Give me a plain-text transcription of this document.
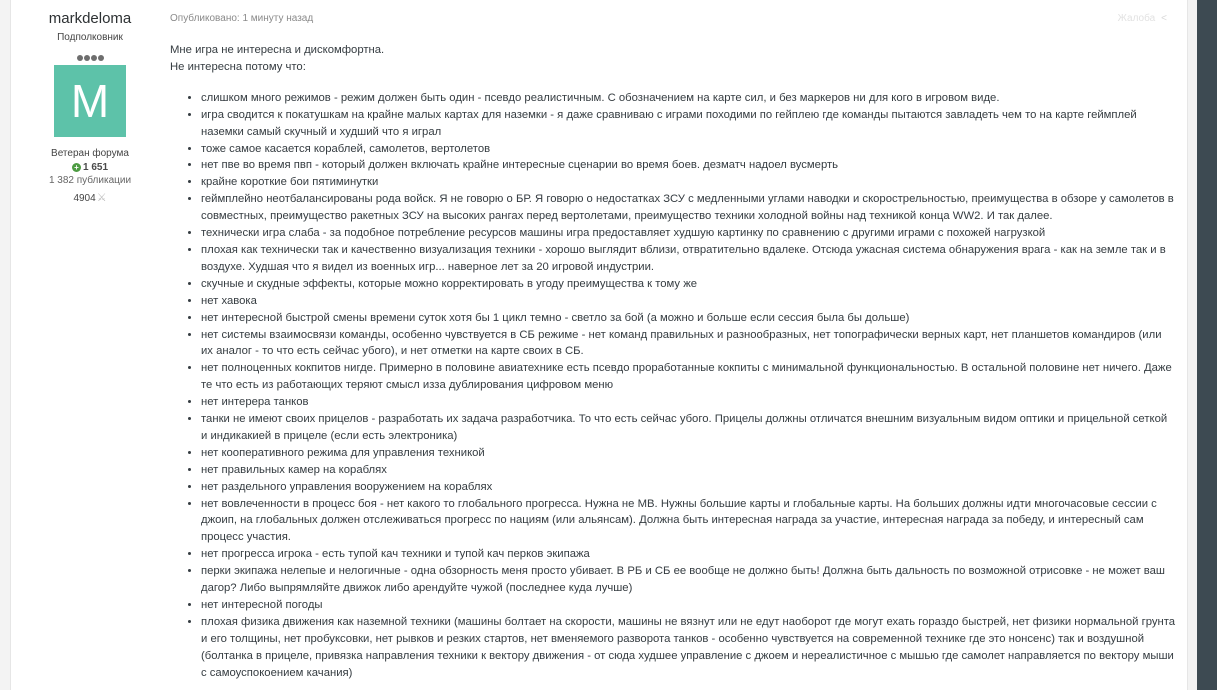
markdeloma
Подполковник
M
Ветеран форума
+ 1 651
1 382 публикации
4904⚔
Опубликовано: 1 минуту назад	Жалоба <

Мне игра не интересна и дискомфортна.

Не интересна потому что:

• слишком много режимов - режим должен быть один - псевдо реалистичным. С обозначением на карте сил, и без маркеров ни для кого в игровом виде.
• игра сводится к покатушкам на крайне малых картах для наземки - я даже сравниваю с играми походими по гейплею где команды пытаются завладеть чем то на карте геймплей наземки самый скучный и худший что я играл
• тоже самое касается кораблей, самолетов, вертолетов
• нет пве во время пвп - который должен включать крайне интересные сценарии во время боев. дезматч надоел вусмерть
• крайне короткие бои пятиминутки
• геймплейно неотбалансированы рода войск. Я не говорю о БР. Я говорю о недостатках ЗСУ с медленными углами наводки и скорострельностью, преимущества в обзоре у самолетов в совместных, преимущество ракетных ЗСУ на высоких рангах перед вертолетами, преимущество техники холодной войны над техникой конца WW2. И так далее.
• технически игра слаба - за подобное потребление ресурсов машины игра предоставляет худшую картинку по сравнению с другими играми с похожей нагрузкой
• плохая как технически так и качественно визуализация техники - хорошо выглядит вблизи, отвратительно вдалеке. Отсюда ужасная система обнаружения врага - как на земле так и в воздухе. Худшая что я видел из военных игр... наверное лет за 20 игровой индустрии.
• скучные и скудные эффекты, которые можно корректировать в угоду преимущества к тому же
• нет хавока
• нет интересной быстрой смены времени суток хотя бы 1 цикл темно - светло за бой (а можно и больше если сессия была бы дольше)
• нет системы взаимосвязи команды, особенно чувствуется в СБ режиме - нет команд правильных и разнообразных, нет топографически верных карт, нет планшетов командиров (или их аналог - то что есть сейчас убого), и нет отметки на карте своих в СБ.
• нет полноценных кокпитов нигде. Примерно в половине авиатехнике есть псевдо проработанные кокпиты с минимальной функциональностью. В остальной половине нет ничего. Даже те что есть из работающих теряют смысл изза дублирования цифровом меню
• нет интерера танков
• танки не имеют своих прицелов - разработать их задача разработчика. То что есть сейчас убого. Прицелы должны отличатся внешним визуальным видом оптики и прицельной сеткой и индикакией в прицеле (если есть электроника)
• нет кооперативного режима для управления техникой
• нет правильных камер на кораблях
• нет раздельного управления вооружением на кораблях
• нет вовлеченности в процесс боя - нет какого то глобального прогресса. Нужна не МВ. Нужны большие карты и глобальные карты. На больших должны идти многочасовые сессии с джоип, на глобальных должен отслеживаться прогресс по нациям (или альянсам). Должна быть интересная награда за участие, интересная награда за победу, и интересный сам процесс участия.
• нет прогресса игрока - есть тупой кач техники и тупой кач перков экипажа
• перки экипажа нелепые и нелогичные - одна обзорность меня просто убивает. В РБ и СБ ее вообще не должно быть! Должна быть дальность по возможной отрисовке - не может ваш дагор? Либо выпрямляйте движок либо арендуйте чужой (последнее куда лучше)
• нет интересной погоды
• плохая физика движения как наземной техники (машины болтает на скорости, машины не вязнут или не едут наоборот где могут ехать гораздо быстрей, нет физики нормальной грунта и его толщины, нет пробуксовки, нет рывков и резких стартов, нет вменяемого разворота танков - особенно чувствуется на современной технике где это нонсенс) так и воздушной (болтанка в прицеле, привязка направления техники к вектору движения - от сюда худшее управление с джоем и нереалистичное с мышью где самолет направляется по вектору мыши с самоуспокоением качания)
